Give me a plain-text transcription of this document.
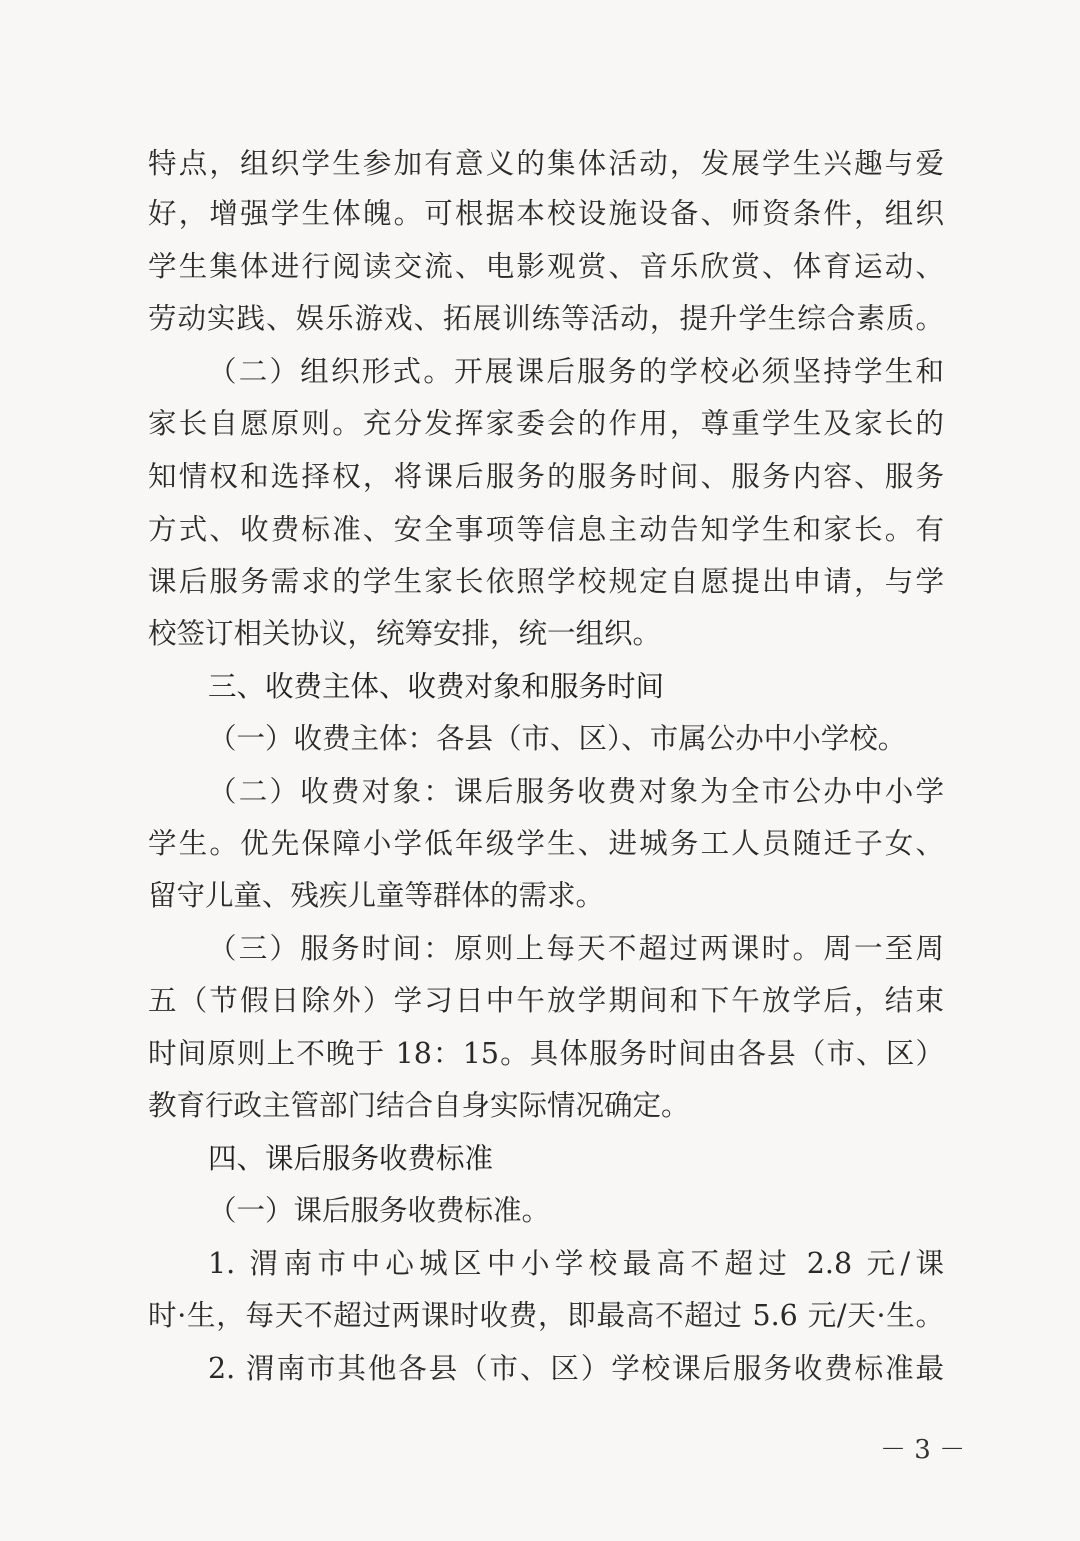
特点，组织学生参加有意义的集体活动，发展学生兴趣与爱
好，增强学生体魄。可根据本校设施设备、师资条件，组织
学生集体进行阅读交流、电影观赏、音乐欣赏、体育运动、
劳动实践、娱乐游戏、拓展训练等活动，提升学生综合素质。
（二）组织形式。开展课后服务的学校必须坚持学生和
家长自愿原则。充分发挥家委会的作用，尊重学生及家长的
知情权和选择权，将课后服务的服务时间、服务内容、服务
方式、收费标准、安全事项等信息主动告知学生和家长。有
课后服务需求的学生家长依照学校规定自愿提出申请，与学
校签订相关协议，统筹安排，统一组织。
三、收费主体、收费对象和服务时间
（一）收费主体：各县（市、区）、市属公办中小学校。
（二）收费对象：课后服务收费对象为全市公办中小学
学生。优先保障小学低年级学生、进城务工人员随迁子女、
留守儿童、残疾儿童等群体的需求。
（三）服务时间：原则上每天不超过两课时。周一至周
五（节假日除外）学习日中午放学期间和下午放学后，结束
时间原则上不晚于 18：15。具体服务时间由各县（市、区）
教育行政主管部门结合自身实际情况确定。
四、课后服务收费标准
（一）课后服务收费标准。
1. 渭南市中心城区中小学校最高不超过 2.8 元/课
时·生，每天不超过两课时收费，即最高不超过 5.6 元/天·生。
2. 渭南市其他各县（市、区）学校课后服务收费标准最
－ 3 －
